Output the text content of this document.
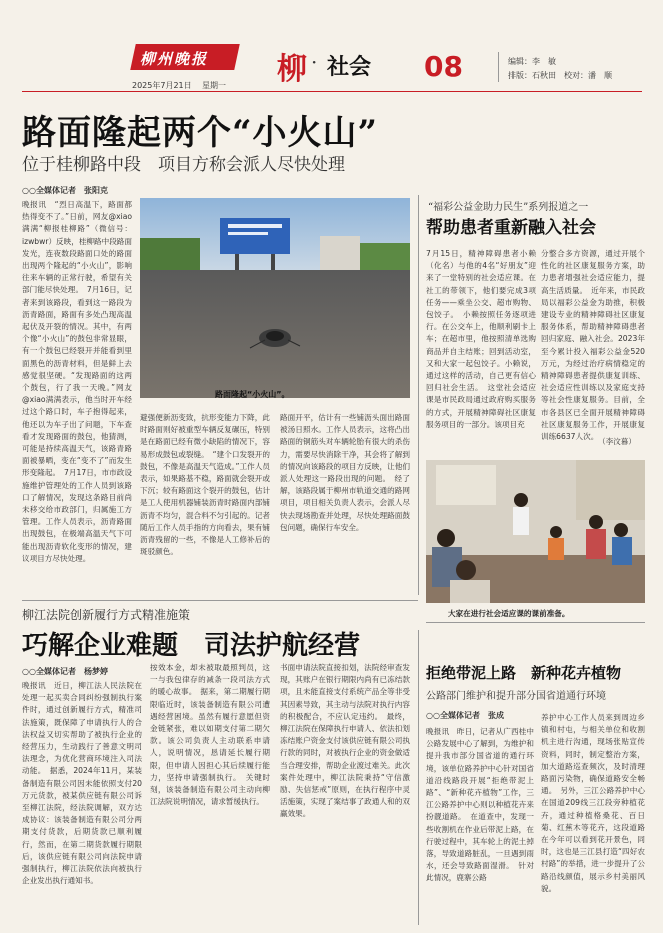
柳州晚报
2025年7月21日 星期一 柳 · 社会 08	编辑：李　敏
排版：石秋田　校对：潘　顺
路面隆起两个“小火山”
位于桂柳路中段　项目方称会派人尽快处理
○○全媒体记者　张阳克
晚报讯　“烈日高温下，路面都热得变不了。”日前，网友@xiao满满“柳报桂柳路”（微信号：izwbwr）反映，桂柳路中段路面发光，连夜数段路面口处的路面出现两个隆起的“小火山”，影响往来车辆的正常行驶，希望有关部门能尽快处理。　7月16日，记者来到该路段，看到这一路段为沥青路面，路面有多处凸现高温起伏及开裂的情况。其中，有两个像“小火山”的鼓包非常显眼，有一个鼓包已经裂开并能看到里面黑色的沥青材料，但是鲜上去感觉很坚硬。“发现路面的这两个鼓包，行了我一天晚。”网友@xiao满满表示，他当时开车经过这个路口时，车子抱得起来，他还以为车子出了问题，下车查看才发现路面的鼓包，他猜测，可能是持续高温天气，该路青路面被暴晒，变在“变不了”而发生形变隆起。　7月17日，市市政设施维护管理处的工作人员到该路口了解情况，发现这条路目前尚未移交给市政部门，归属施工方管理。工作人员表示，沥青路面出现鼓包，在极端高温天气下可能出现沥青软化变形的情况，建议项目方尽快处理。
路面隆起“小火山”。
避强便新沥变致，抗形变能力下降，此时路面则好被重型车辆反复碾压，特别是在路面已经有微小缺陷的情况下，容易形成鼓包或裂缝。　“建个口发裂开的鼓包，不像是高温天气造成。”工作人员表示，如果路基不稳，路面就会裂开或下沉；较有路面这个裂开的鼓包，估计是工人使用机器铺装沥青时路面内部铺沥青不均匀，混合料不匀引起的。记者随后工作人员手指的方向看去，果有铺沥青残留的一些，不像是人工修补后的斑驳颜色。
路面开平，估计有一些铺沥头面出路面被汤日照水。工作人员表示，这将凸出路面的铜筋头对车辆轮胎有很大的杀伤力，需要尽快消除干净，其会将了解到的情况向该路段的项目方反映，让他们派人处理这一路段出现的问题。　经了解，该路段属于柳州市轨道交通的路网项目，项目相关负责人表示，会派人尽快去现场勘查并处理，尽快处理路面鼓包问题，确保行车安全。
“福彩公益金助力民生”系列报道之一
帮助患者重新融入社会
7月15日，精神障碍患者小赖（化名）与他的4名“好朋友”迎来了一堂特别的社会适应课。在社工的带领下，他们要完成3项任务——乘坐公交、超市购物、包饺子。　小赖按照任务逐项进行。在公交车上，他顺利刷卡上车；在超市里，他按照清单选购商品并自主结账；回到活动室，又和大家一起包饺子。小赖说，通过这样的活动，自己更有信心回归社会生活。　这堂社会适应课是市民政局通过政府购买服务的方式，开展精神障碍社区康复服务项目的一部分。该项目充
分整合多方资源，通过开展个性化的社区康复服务方案，助力患者增强社会适应能力，提高生活质量。　近年来，市民政局以福彩公益金为助推，积极建设专业的精神障碍社区康复服务体系，帮助精神障碍患者回归家庭、融入社会。2023年至今累计投入福彩公益金520万元，为经过治疗病情稳定的精神障碍患者提供康复训练、社会适应性训练以及家庭支持等社会性康复服务。目前，全市各县区已全面开展精神障碍社区康复服务工作，开展康复训练6637人次。
（李汶暮）
大家在进行社会适应课的课前准备。
柳江法院创新履行方式精准施策
巧解企业难题　司法护航经营
○○全媒体记者　杨梦婷
晚报讯　近日，柳江法人民法院在处理一起买卖合同纠纷强制执行案件时，通过创新履行方式，精准司法施策，既保障了申请执行人的合法权益又切实帮助了被执行企业的经营压力，生动践行了善意文明司法理念，为优化营商环境注入司法动能。　据悉，2024年11月，某装备制造有限公司因未能依照支付20万元货款，被某供应链有限公司诉至柳江法院，经法院调解，双方达成协议：该装备制造有限公司分两期支付货款，后期货款已顺利履行，然而，在第二期货款履行期限后，该供应链有限公司向法院申请强制执行，柳江法院依法向被执行企业发出执行通知书。
按效本金，却未被取最照判员，这一与我包律存的减条一段司法方式的暖心故事。　据来，第二期履行期限临近时，该装备制造有限公司遭遇经营困境。虽然有履行意愿但资金链紧张，难以如期支付第二期欠款。该公司负责人主动联系申请人，说明情况，恳请延长履行期限，但申请人因担心其后续履行能力，坚持申请强制执行。　关键时刻，该装备制造有限公司主动向柳江法院说明情况，请求暂缓执行。
书面申请法院直接扣划，法院经审查发现，其账户在银行期限内尚有已冻结款项，且未能直接支付系统产品全等非受其因素导致，其主动与法院对执行内容的积极配合，不应认定违约。　最终，柳江法院在保障执行申请人、依法扣划冻结账户资金支付该供应链有限公司执行款的同时，对被执行企业的资金做适当合理安排，帮助企业渡过难关。此次案件处理中，柳江法院秉持“守信激励、失信惩戒”原则，在执行程序中灵活施策，实现了案结事了政通人和的双赢效果。
拒绝带泥上路　新种花卉植物
公路部门维护和提升部分国省道通行环境
○○全媒体记者　张成
晚报讯　昨日，记者从广西桂中公路发展中心了解到，为维护和提升我市部分国省道的通行环境，该单位路养护中心针对国省道沿线路段开展“拒绝带泥上路”、“新种花卉植物”工作，三江公路养护中心则以种植花卉来扮靓道路。　在道查中，发现一些收割机在作业后带泥上路，在行驶过程中，其车轮上的泥土掉落，导致道路脏乱，一旦遇到雨水，还会导致路面湿滑。　针对此情况，鹿寨公路
养护中心工作人员来到周边乡镇和村屯，与相关单位和收割机主进行沟通，现场张贴宣传资料，同时，制定整治方案，加大道路巡查频次，及时清理路面污染物，确保道路安全畅通。　另外，三江公路养护中心在国道209线三江段旁种植花卉，通过种植格桑花、百日菊、红蕉木等花卉，这段道路在今年可以看到花开景色，同时，这也是三江县打造“四好农村路”的举措，进一步提升了公路沿线颜值，展示乡村美丽风貌。
